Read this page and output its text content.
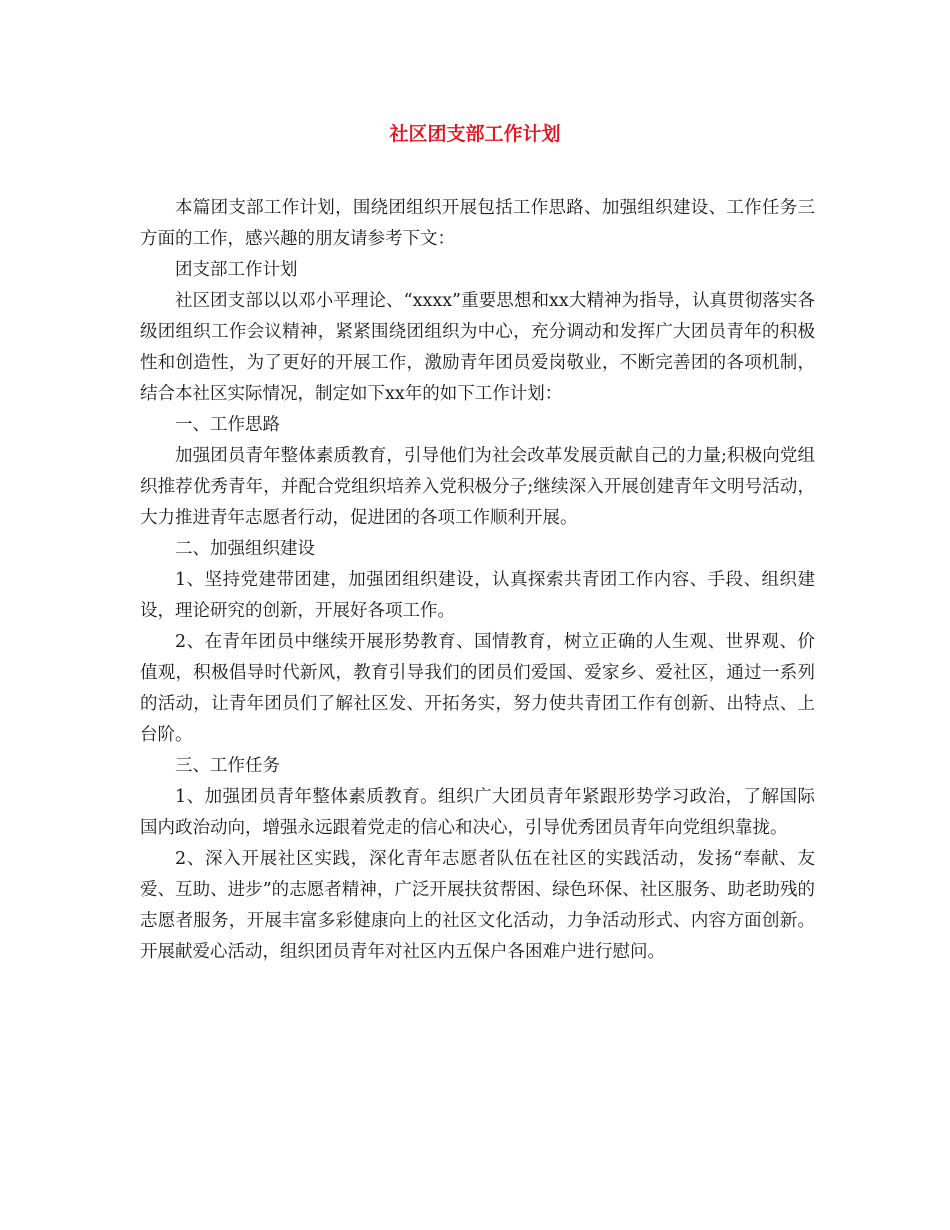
社区团支部工作计划

本篇团支部工作计划，围绕团组织开展包括工作思路、加强组织建设、工作任务三方面的工作，感兴趣的朋友请参考下文：

团支部工作计划

社区团支部以以邓小平理论、“xxxx”重要思想和xx大精神为指导，认真贯彻落实各级团组织工作会议精神，紧紧围绕团组织为中心，充分调动和发挥广大团员青年的积极性和创造性，为了更好的开展工作，激励青年团员爱岗敬业，不断完善团的各项机制，结合本社区实际情况，制定如下xx年的如下工作计划：

一、工作思路

加强团员青年整体素质教育，引导他们为社会改革发展贡献自己的力量;积极向党组织推荐优秀青年，并配合党组织培养入党积极分子;继续深入开展创建青年文明号活动，大力推进青年志愿者行动，促进团的各项工作顺利开展。

二、加强组织建设

1、坚持党建带团建，加强团组织建设，认真探索共青团工作内容、手段、组织建设，理论研究的创新，开展好各项工作。

2、在青年团员中继续开展形势教育、国情教育，树立正确的人生观、世界观、价值观，积极倡导时代新风，教育引导我们的团员们爱国、爱家乡、爱社区，通过一系列的活动，让青年团员们了解社区发、开拓务实，努力使共青团工作有创新、出特点、上台阶。

三、工作任务

1、加强团员青年整体素质教育。组织广大团员青年紧跟形势学习政治，了解国际国内政治动向，增强永远跟着党走的信心和决心，引导优秀团员青年向党组织靠拢。

2、深入开展社区实践，深化青年志愿者队伍在社区的实践活动，发扬“奉献、友爱、互助、进步”的志愿者精神，广泛开展扶贫帮困、绿色环保、社区服务、助老助残的志愿者服务，开展丰富多彩健康向上的社区文化活动，力争活动形式、内容方面创新。开展献爱心活动，组织团员青年对社区内五保户各困难户进行慰问。
